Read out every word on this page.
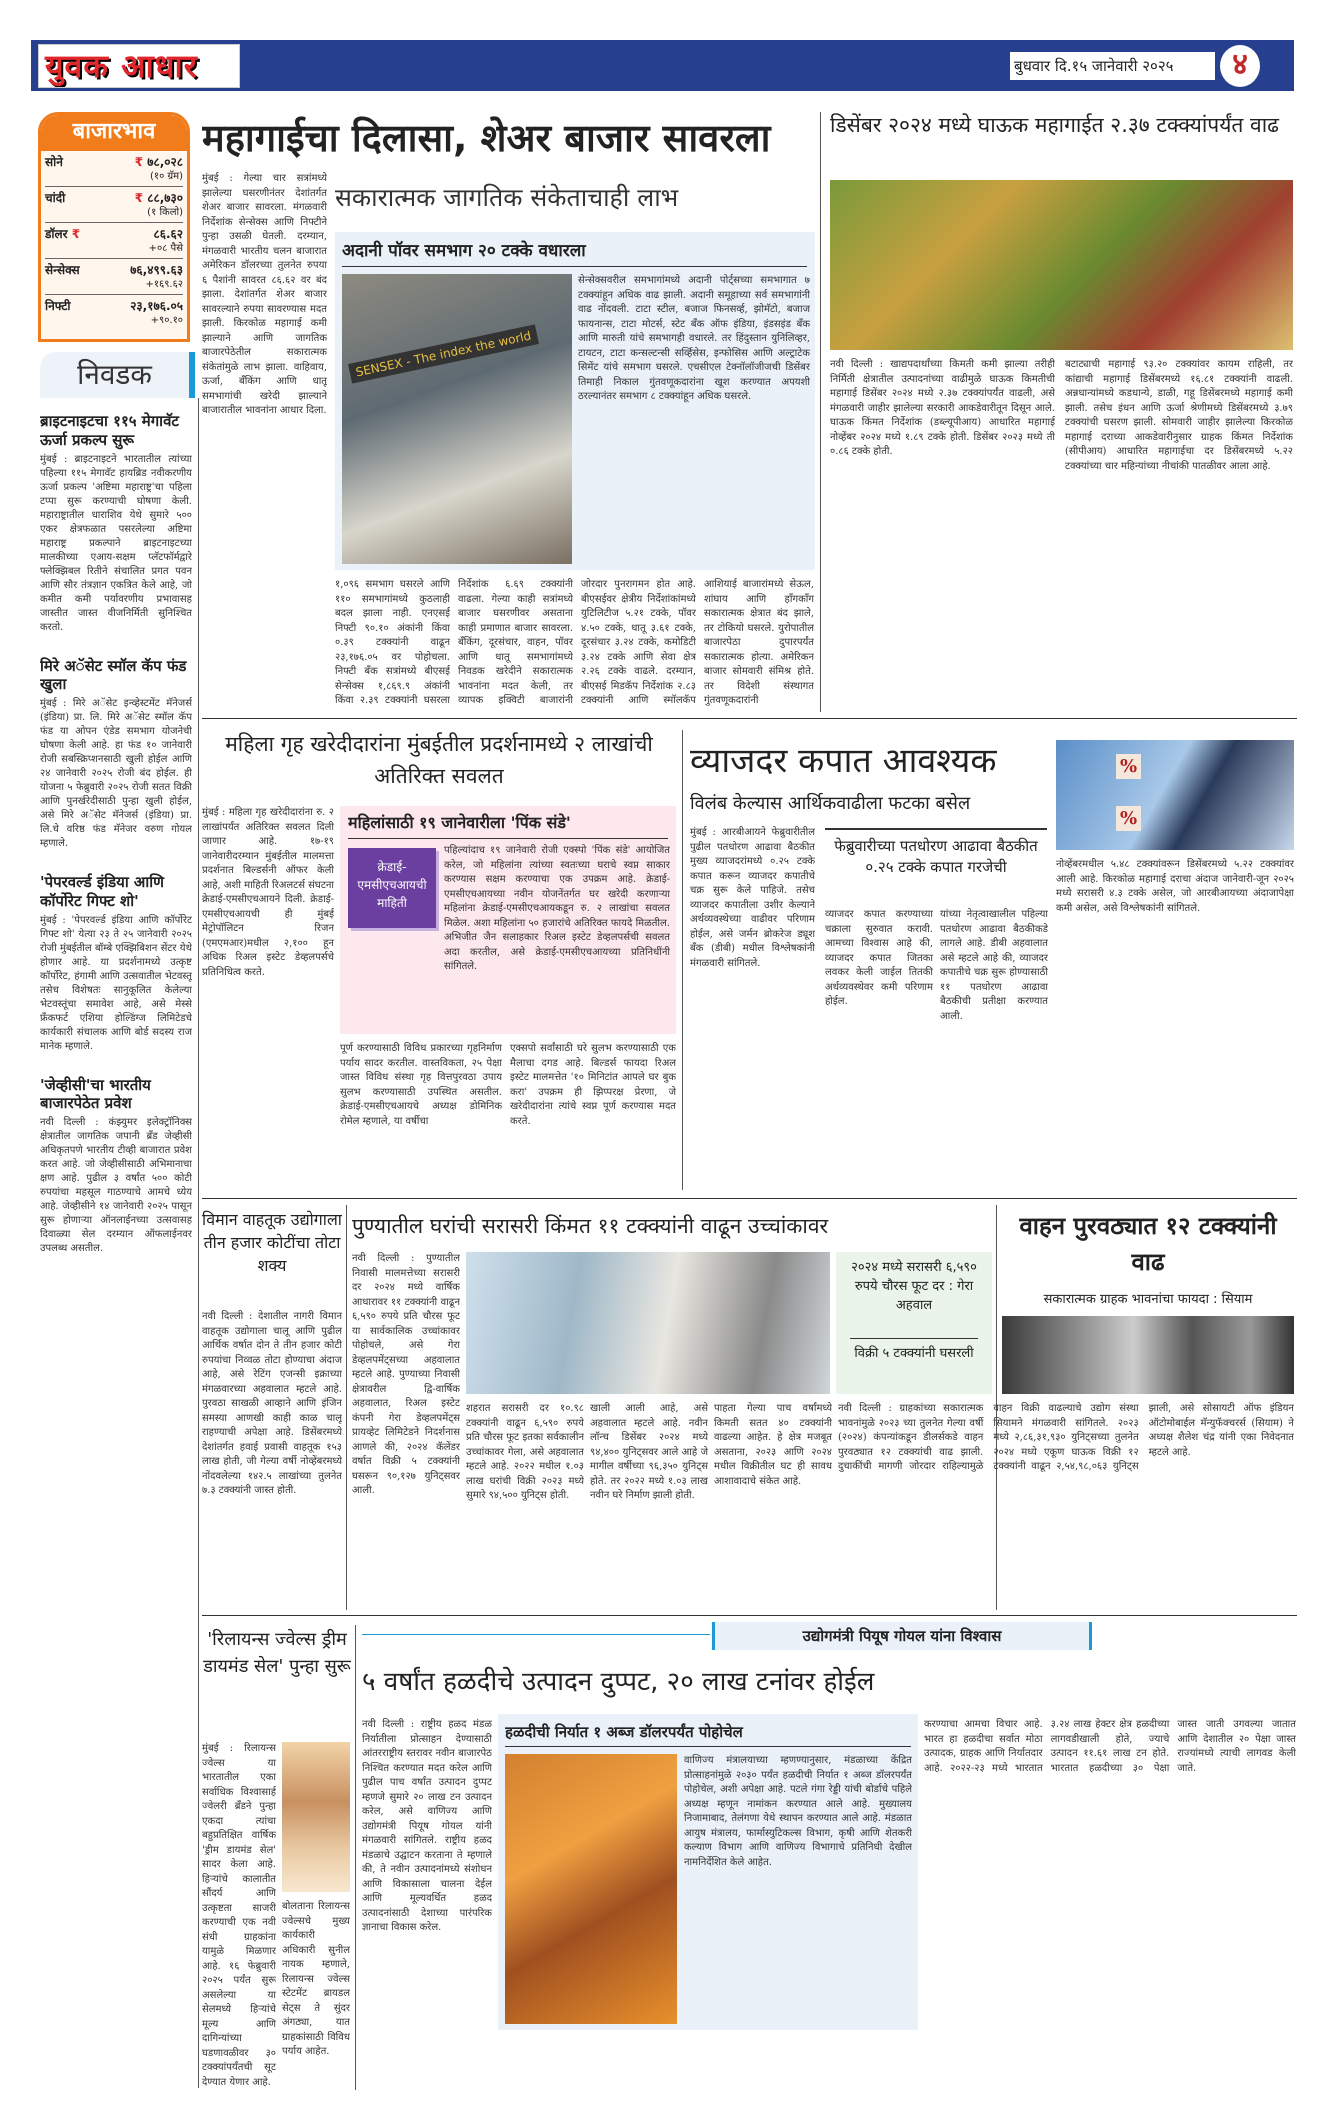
युवक आधार	बुधवार दि.१५ जानेवारी २०२५	४
बाजारभाव
सोने	₹ ७८,०२८
(१० ग्रॅम)
चांदी	₹ ८८,७३०
(१ किलो)
डॉलर ₹	८६.६२
+०८ पैसे
सेन्सेक्स	७६,४९९.६३
+१६९.६२
निफ्टी	२३,१७६.०५
+९०.१०
निवडक
ब्राइटनाइटचा ११५ मेगावॅट ऊर्जा प्रकल्प सुरू
मुंबई : ब्राइटनाइटने भारतातील त्यांच्या पहिल्या ११५ मेगावॅट हायब्रिड नवीकरणीय ऊर्जा प्रकल्प 'अष्टिमा महाराष्ट्र'चा पहिला टप्पा सुरू करण्याची घोषणा केली. महाराष्ट्रातील धाराशिव येथे सुमारे ५०० एकर क्षेत्रफळात पसरलेल्या अष्टिमा महाराष्ट्र प्रकल्पाने ब्राइटनाइटच्या मालकीच्या एआय-सक्षम प्लॅटफॉर्मद्वारे फ्लेक्झिबल रितीने संचालित प्रगत पवन आणि सौर तंत्रज्ञान एकत्रित केले आहे, जो कमीत कमी पर्यावरणीय प्रभावासह जास्तीत जास्त वीजनिर्मिती सुनिश्चित करतो.
मिरे अॅसेट स्मॉल कॅप फंड खुला
मुंबई : मिरे अॅसेट इन्व्हेस्टमेंट मॅनेजर्स (इंडिया) प्रा. लि. मिरे अॅसेट स्मॉल कॅप फंड या ओपन एंडेड समभाग योजनेची घोषणा केली आहे. हा फंड १० जानेवारी रोजी सबस्क्रिप्शनसाठी खुली होईल आणि २४ जानेवारी २०२५ रोजी बंद होईल. ही योजना ५ फेब्रुवारी २०२५ रोजी सतत विक्री आणि पुनर्खरेदीसाठी पुन्हा खुली होईल, असे मिरे अॅसेट मॅनेजर्स (इंडिया) प्रा. लि.चे वरिष्ठ फंड मॅनेजर वरुण गोयल म्हणाले.
'पेपरवर्ल्ड इंडिया आणि कॉर्पोरेट गिफ्ट शो'
मुंबई : 'पेपरवर्ल्ड इंडिया आणि कॉर्पोरेट गिफ्ट शो' येत्या २३ ते २५ जानेवारी २०२५ रोजी मुंबईतील बॉम्बे एक्झिबिशन सेंटर येथे होणार आहे. या प्रदर्शनामध्ये उत्कृष्ट कॉर्पोरेट, हंगामी आणि उत्सवातील भेटवस्तू तसेच विशेषतः सानुकूलित केलेल्या भेटवस्तूंचा समावेश आहे, असे मेस्से फ्रँकफर्ट एशिया होल्डिंग्ज लिमिटेडचे कार्यकारी संचालक आणि बोर्ड सदस्य राज मानेक म्हणाले.
'जेव्हीसी'चा भारतीय बाजारपेठेत प्रवेश
नवी दिल्ली : कंझ्युमर इलेक्ट्रॉनिक्स क्षेत्रातील जागतिक जपानी ब्रँड जेव्हीसी अधिकृतपणे भारतीय टीव्ही बाजारात प्रवेश करत आहे. जो जेव्हीसीसाठी अभिमानाचा क्षण आहे. पुढील ३ वर्षांत ५०० कोटी रुपयांचा महसूल गाठण्याचे आमचे ध्येय आहे. जेव्हीसीने १४ जानेवारी २०२५ पासून सुरू होणाऱ्या ऑनलाईनच्या उत्सवासह दिवाळ्या सेल दरम्यान ऑफलाईनवर उपलब्ध असतील.
महागाईचा दिलासा, शेअर बाजार सावरला
मुंबई : गेल्या चार सत्रांमध्ये झालेल्या घसरणीनंतर देशांतर्गत शेअर बाजार सावरला. मंगळवारी निर्देशांक सेन्सेक्स आणि निफ्टीने पुन्हा उसळी घेतली. दरम्यान, मंगळवारी भारतीय चलन बाजारात अमेरिकन डॉलरच्या तुलनेत रुपया ६ पैशांनी सावरत ८६.६२ वर बंद झाला. देशांतर्गत शेअर बाजार सावरल्याने रुपया सावरण्यास मदत झाली. किरकोळ महागाई कमी झाल्याने आणि जागतिक बाजारपेठेतील सकारात्मक संकेतांमुळे लाभ झाला. वाहिवाय, ऊर्जा, बँकिंग आणि धातू समभागांची खरेदी झाल्याने बाजारातील भावनांना आधार दिला.
सकारात्मक जागतिक संकेताचाही लाभ
अदानी पॉवर समभाग २० टक्के वधारला
SENSEX - The index the world
सेन्सेक्सवरील समभागांमध्ये अदानी पोर्ट्सच्या समभागात ७ टक्क्यांहून अधिक वाढ झाली. अदानी समूहाच्या सर्व समभागांनी वाढ नोंदवली. टाटा स्टील, बजाज फिनसर्व्ह, झोमॅटो, बजाज फायनान्स, टाटा मोटर्स, स्टेट बँक ऑफ इंडिया, इंडसइंड बँक आणि मारुती यांचे समभागही वधारले. तर हिंदुस्तान युनिलिव्हर, टायटन, टाटा कन्सल्टन्सी सर्व्हिसेस, इन्फोसिस आणि अल्ट्राटेक सिमेंट यांचे समभाग घसरले. एचसीएल टेक्नॉलॉजीजची डिसेंबर तिमाही निकाल गुंतवणूकदारांना खूश करण्यात अपयशी ठरल्यानंतर समभाग ८ टक्क्यांहून अधिक घसरले.
१,०९६ समभाग घसरले आणि ११० समभागांमध्ये कुठलाही बदल झाला नाही. एनएसई निफ्टी ९०.१० अंकांनी किंवा ०.३९ टक्क्यांनी वाढून २३,१७६.०५ वर पोहोचला. निफ्टी बँक सत्रांमध्ये बीएसई सेन्सेक्स १,८६९.९ अंकांनी किंवा २.३९ टक्क्यांनी घसरला
निर्देशांक ६.६९ टक्क्यांनी वाढला. गेल्या काही सत्रांमध्ये बाजार घसरणीवर असताना काही प्रमाणात बाजार सावरला. बँकिंग, दूरसंचार, वाहन, पॉवर आणि धातू समभागांमध्ये निवडक खरेदीने सकारात्मक भावनांना मदत केली, तर व्यापक इक्विटी बाजारांनी
जोरदार पुनरागमन होत आहे. बीएसईवर क्षेत्रीय निर्देशांकांमध्ये युटिलिटीज ५.२१ टक्के, पॉवर ४.५० टक्के, धातू ३.६१ टक्के, दूरसंचार ३.२४ टक्के, कमोडिटी ३.२४ टक्के आणि सेवा क्षेत्र २.२६ टक्के वाढले. दरम्यान, बीएसई मिडकॅप निर्देशांक २.८३ टक्क्यांनी आणि स्मॉलकॅप
आशियाई बाजारांमध्ये सेऊल, शांघाय आणि हाँगकाँग सकारात्मक क्षेत्रात बंद झाले, तर टोकियो घसरले. युरोपातील बाजारपेठा दुपारपर्यंत सकारात्मक होत्या. अमेरिकन बाजार सोमवारी संमिश्र होते. तर विदेशी संस्थागत गुंतवणूकदारांनी
डिसेंबर २०२४ मध्ये घाऊक महागाईत २.३७ टक्क्यांपर्यंत वाढ
नवी दिल्ली : खाद्यपदार्थांच्या किमती कमी झाल्या तरीही निर्मिती क्षेत्रातील उत्पादनांच्या वाढीमुळे घाऊक किमतीची महागाई डिसेंबर २०२४ मध्ये २.३७ टक्क्यांपर्यंत वाढली, असे मंगळवारी जाहीर झालेल्या सरकारी आकडेवारीतून दिसून आले. घाऊक किंमत निर्देशांक (डब्ल्यूपीआय) आधारित महागाई नोव्हेंबर २०२४ मध्ये १.८९ टक्के होती. डिसेंबर २०२३ मध्ये ती ०.८६ टक्के होती.
बटाट्याची महागाई ९३.२० टक्क्यांवर कायम राहिली, तर कांद्याची महागाई डिसेंबरमध्ये १६.८१ टक्क्यांनी वाढली. अन्नधान्यांमध्ये कडधान्ये, डाळी, गहू डिसेंबरमध्ये महागाई कमी झाली. तसेच इंधन आणि ऊर्जा श्रेणीमध्ये डिसेंबरमध्ये ३.७९ टक्क्यांची घसरण झाली. सोमवारी जाहीर झालेल्या किरकोळ महागाई दराच्या आकडेवारीनुसार ग्राहक किंमत निर्देशांक (सीपीआय) आधारित महागाईचा दर डिसेंबरमध्ये ५.२२ टक्क्यांच्या चार महिन्यांच्या नीचांकी पातळीवर आला आहे.
महिला गृह खरेदीदारांना मुंबईतील प्रदर्शनामध्ये २ लाखांची अतिरिक्त सवलत
मुंबई : महिला गृह खरेदीदारांना रु. २ लाखांपर्यंत अतिरिक्त सवलत दिली जाणार आहे. १७-१९ जानेवारीदरम्यान मुंबईतील मालमत्ता प्रदर्शनात बिल्डर्सनी ऑफर केली आहे, अशी माहिती रिअलटर्स संघटना क्रेडाई-एमसीएचआयने दिली. क्रेडाई-एमसीएचआयची ही मुंबई मेट्रोपॉलिटन रिजन (एमएमआर)मधील २,१०० हून अधिक रिअल इस्टेट डेव्हलपर्सचे प्रतिनिधित्व करते.
महिलांसाठी १९ जानेवारीला 'पिंक संडे'
क्रेडाई-एमसीएचआयची माहिती
पहिल्यांदाच १९ जानेवारी रोजी एक्स्पो 'पिंक संडे' आयोजित करेल, जो महिलांना त्यांच्या स्वतःच्या घराचे स्वप्न साकार करण्यास सक्षम करण्याचा एक उपक्रम आहे. क्रेडाई-एमसीएचआयच्या नवीन योजनेंतर्गत घर खरेदी करणाऱ्या महिलांना क्रेडाई-एमसीएचआयकडून रु. २ लाखांचा सवलत मिळेल. अशा महिलांना ५० हजारांचे अतिरिक्त फायदे मिळतील. अभिजीत जैन सलाहकार रिअल इस्टेट डेव्हलपर्सची सवलत अदा करतील, असे क्रेडाई-एमसीएचआयच्या प्रतिनिधींनी सांगितले.
पूर्ण करण्यासाठी विविध प्रकारच्या गृहनिर्माण पर्याय सादर करतील. वास्तविकता, २५ पेक्षा जास्त विविध संस्था गृह वित्तपुरवठा उपाय सुलभ करण्यासाठी उपस्थित असतील. क्रेडाई-एमसीएचआयचे अध्यक्ष डोमिनिक रोमेल म्हणाले, या वर्षीचा
एक्सपो सर्वांसाठी घरे सुलभ करण्यासाठी एक मैलाचा दगड आहे. बिल्डर्स फायदा रिअल इस्टेट मालमत्तेत '१० मिनिटांत आपले घर बुक करा' उपक्रम ही झिप्परक्ष प्रेरणा, जे खरेदीदारांना त्यांचे स्वप्न पूर्ण करण्यास मदत करते.
व्याजदर कपात आवश्यक
विलंब केल्यास आर्थिकवाढीला फटका बसेल
%
%
नोव्हेंबरमधील ५.४८ टक्क्यांवरून डिसेंबरमध्ये ५.२२ टक्क्यांवर आली आहे. किरकोळ महागाई दराचा अंदाज जानेवारी-जून २०२५ मध्ये सरासरी ४.३ टक्के असेल, जो आरबीआयच्या अंदाजापेक्षा कमी असेल, असे विश्लेषकांनी सांगितले.
मुंबई : आरबीआयने फेब्रुवारीतील पुढील पतधोरण आढावा बैठकीत मुख्य व्याजदरांमध्ये ०.२५ टक्के कपात करून व्याजदर कपातीचे चक्र सुरू केले पाहिजे. तसेच व्याजदर कपातीला उशीर केल्याने अर्थव्यवस्थेच्या वाढीवर परिणाम होईल, असे जर्मन ब्रोकरेज ड्यूश बँक (डीबी) मधील विश्लेषकांनी मंगळवारी सांगितले.
फेब्रुवारीच्या पतधोरण आढावा बैठकीत ०.२५ टक्के कपात गरजेची
व्याजदर कपात करण्याच्या चक्राला सुरुवात करावी. आमच्या विश्वास आहे की, व्याजदर कपात जितका लवकर केली जाईल तितकी अर्थव्यवस्थेवर कमी परिणाम होईल.
यांच्या नेतृत्वाखालील पहिल्या पतधोरण आढावा बैठकीकडे लागले आहे. डीबी अहवालात असे म्हटले आहे की, व्याजदर कपातीचे चक्र सुरू होण्यासाठी ११ पतधोरण आढावा बैठकीची प्रतीक्षा करण्यात आली.
विमान वाहतूक उद्योगाला तीन हजार कोटींचा तोटा शक्य
नवी दिल्ली : देशातील नागरी विमान वाहतूक उद्योगाला चालू आणि पुढील आर्थिक वर्षात दोन ते तीन हजार कोटी रुपयांचा निव्वळ तोटा होण्याचा अंदाज आहे, असे रेटिंग एजन्सी इक्राच्या मंगळवारच्या अहवालात म्हटले आहे. पुरवठा साखळी आव्हाने आणि इंजिन समस्या आणखी काही काळ चालू राहण्याची अपेक्षा आहे. डिसेंबरमध्ये देशांतर्गत हवाई प्रवासी वाहतूक १५३ लाख होती, जी गेल्या वर्षी नोव्हेंबरमध्ये नोंदवलेल्या १४२.५ लाखांच्या तुलनेत ७.३ टक्क्यांनी जास्त होती.
पुण्यातील घरांची सरासरी किंमत ११ टक्क्यांनी वाढून उच्चांकावर
नवी दिल्ली : पुण्यातील निवासी मालमत्तेच्या सरासरी दर २०२४ मध्ये वार्षिक आधारावर ११ टक्क्यांनी वाढून ६,५९० रुपये प्रति चौरस फूट या सार्वकालिक उच्चांकावर पोहोचले, असे गेरा डेव्हलपमेंट्सच्या अहवालात म्हटले आहे. पुण्याच्या निवासी क्षेत्रावरील द्वि-वार्षिक अहवालात, रिअल इस्टेट कंपनी गेरा डेव्हलपमेंट्स प्रायव्हेट लिमिटेडने निदर्शनास आणले की, २०२४ कॅलेंडर वर्षात विक्री ५ टक्क्यांनी घसरून ९०,१२७ युनिट्सवर आली.
२०२४ मध्ये सरासरी ६,५९० रुपये चौरस फूट दर : गेरा अहवाल
विक्री ५ टक्क्यांनी घसरली
शहरात सरासरी दर १०.९८ टक्क्यांनी वाढून ६,५९० रुपये प्रति चौरस फूट इतका सर्वकालीन उच्चांकावर गेला, असे अहवालात म्हटले आहे. २०२२ मधील १.०३ लाख घरांची विक्री २०२३ मध्ये सुमारे ९४,५०० युनिट्स होती.
खाली आली आहे, असे अहवालात म्हटले आहे. नवीन लॉन्च डिसेंबर २०२४ मध्ये ९४,४०० युनिट्सवर आले आहे जे मागील वर्षीच्या ९६,३५० युनिट्स होते. तर २०२२ मध्ये १.०३ लाख नवीन घरे निर्माण झाली होती.
पाहता गेल्या पाच वर्षांमध्ये किमती सतत ४० टक्क्यांनी वाढल्या आहेत. हे क्षेत्र मजबूत असताना, २०२३ आणि २०२४ मधील विक्रीतील घट ही सावध आशावादाचे संकेत आहे.
वाहन पुरवठ्यात १२ टक्क्यांनी वाढ
सकारात्मक ग्राहक भावनांचा फायदा : सियाम
नवी दिल्ली : ग्राहकांच्या सकारात्मक भावनांमुळे २०२३ च्या तुलनेत गेल्या वर्षी (२०२४) कंपन्यांकडून डीलर्सकडे वाहन पुरवठ्यात १२ टक्क्यांची वाढ झाली. दुचाकींची मागणी जोरदार राहिल्यामुळे वाहन विक्री वाढल्याचे उद्योग संस्था सियामने मंगळवारी सांगितले. २०२३ मध्ये २,८६,३१,९३० युनिट्सच्या तुलनेत २०२४ मध्ये एकूण घाऊक विक्री १२ टक्क्यांनी वाढून २,५४,९८,०६३ युनिट्स झाली, असे सोसायटी ऑफ इंडियन ऑटोमोबाईल मॅन्युफॅक्चरर्स (सियाम) ने अध्यक्ष शैलेश चंद्र यांनी एका निवेदनात म्हटले आहे.
'रिलायन्स ज्वेल्स ड्रीम डायमंड सेल' पुन्हा सुरू
मुंबई : रिलायन्स ज्वेल्स या भारतातील एका सर्वाधिक विश्वासार्ह ज्वेलरी ब्रँडने पुन्हा एकदा त्यांचा बहुप्रतिक्षित वार्षिक 'ड्रीम डायमंड सेल' सादर केला आहे. हिऱ्यांचे कालातीत सौंदर्य आणि उत्कृष्टता साजरी करण्याची एक नवी संधी ग्राहकांना यामुळे मिळणार आहे. १६ फेब्रुवारी २०२५ पर्यंत सुरू असलेल्या या सेलमध्ये हिऱ्यांचे मूल्य आणि दागिन्यांच्या घडणावळीवर ३० टक्क्यांपर्यंतची सूट देण्यात येणार आहे.
बोलताना रिलायन्स ज्वेल्सचे मुख्य कार्यकारी अधिकारी सुनील नायक म्हणाले, रिलायन्स ज्वेल्स स्टेटमेंट ब्रायडल सेट्स ते सुंदर अंगठ्या, यात ग्राहकांसाठी विविध पर्याय आहेत.
उद्योगमंत्री पियूष गोयल यांना विश्वास
५ वर्षांत हळदीचे उत्पादन दुप्पट, २० लाख टनांवर होईल
नवी दिल्ली : राष्ट्रीय हळद मंडळ निर्यातीला प्रोत्साहन देण्यासाठी आंतरराष्ट्रीय स्तरावर नवीन बाजारपेठ निश्चित करण्यात मदत करेल आणि पुढील पाच वर्षांत उत्पादन दुप्पट म्हणजे सुमारे २० लाख टन उत्पादन करेल, असे वाणिज्य आणि उद्योगमंत्री पियूष गोयल यांनी मंगळवारी सांगितले. राष्ट्रीय हळद मंडळाचे उद्घाटन करताना ते म्हणाले की, ते नवीन उत्पादनांमध्ये संशोधन आणि विकासाला चालना देईल आणि मूल्यवर्धित हळद उत्पादनांसाठी देशाच्या पारंपरिक ज्ञानाचा विकास करेल.
हळदीची निर्यात १ अब्ज डॉलरपर्यंत पोहोचेल
वाणिज्य मंत्रालयाच्या म्हणण्यानुसार, मंडळाच्या केंद्रित प्रोत्साहनांमुळे २०३० पर्यंत हळदीची निर्यात १ अब्ज डॉलरपर्यंत पोहोचेल, अशी अपेक्षा आहे. पटले गंगा रेड्डी यांची बोर्डाचे पहिले अध्यक्ष म्हणून नामांकन करण्यात आले आहे. मुख्यालय निजामाबाद, तेलंगणा येथे स्थापन करण्यात आले आहे. मंडळात आयुष मंत्रालय, फार्मास्युटिकल्स विभाग, कृषी आणि शेतकरी कल्याण विभाग आणि वाणिज्य विभागाचे प्रतिनिधी देखील नामनिर्देशित केले आहेत.
करण्याचा आमचा विचार आहे. भारत हा हळदीचा सर्वात मोठा उत्पादक, ग्राहक आणि निर्यातदार आहे. २०२२-२३ मध्ये भारतात ३.२४ लाख हेक्टर क्षेत्र हळदीच्या लागवडीखाली होते, ज्याचे उत्पादन ११.६१ लाख टन होते. भारतात हळदीच्या ३० पेक्षा जास्त जाती उगवल्या जातात आणि देशातील २० पेक्षा जास्त राज्यांमध्ये त्याची लागवड केली जाते.
